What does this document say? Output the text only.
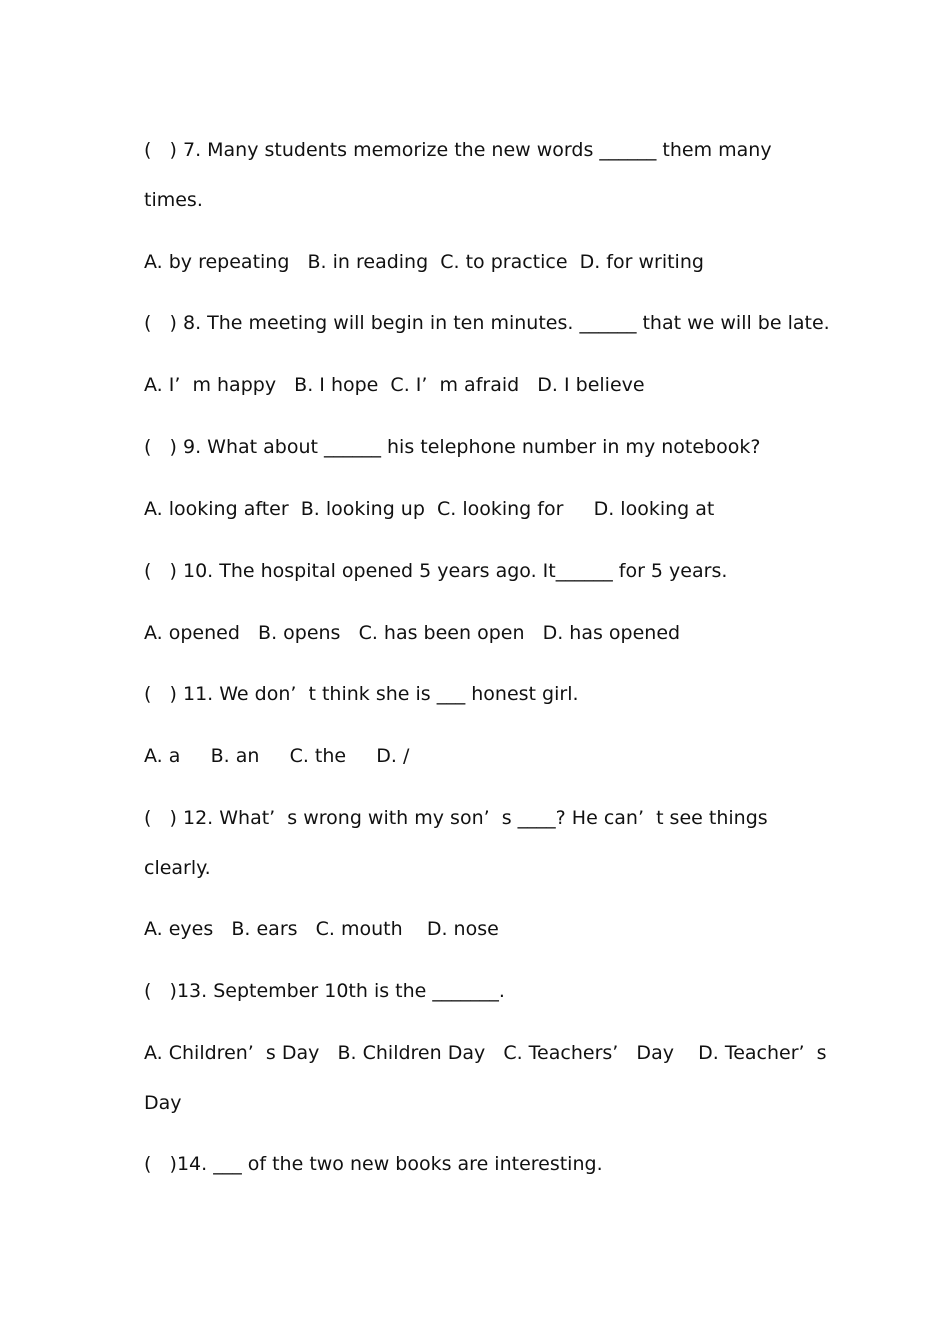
(   ) 7. Many students memorize the new words ______ them many

times.

A. by repeating   B. in reading  C. to practice  D. for writing

(   ) 8. The meeting will begin in ten minutes. ______ that we will be late.

A. I’  m happy   B. I hope  C. I’  m afraid   D. I believe

(   ) 9. What about ______ his telephone number in my notebook?

A. looking after  B. looking up  C. looking for     D. looking at

(   ) 10. The hospital opened 5 years ago. It______ for 5 years.

A. opened   B. opens   C. has been open   D. has opened

(   ) 11. We don’  t think she is ___ honest girl.

A. a     B. an     C. the     D. /

(   ) 12. What’  s wrong with my son’  s ____? He can’  t see things

clearly.

A. eyes   B. ears   C. mouth    D. nose

(   )13. September 10th is the _______.

A. Children’  s Day   B. Children Day   C. Teachers’   Day    D. Teacher’  s

Day

(   )14. ___ of the two new books are interesting.
